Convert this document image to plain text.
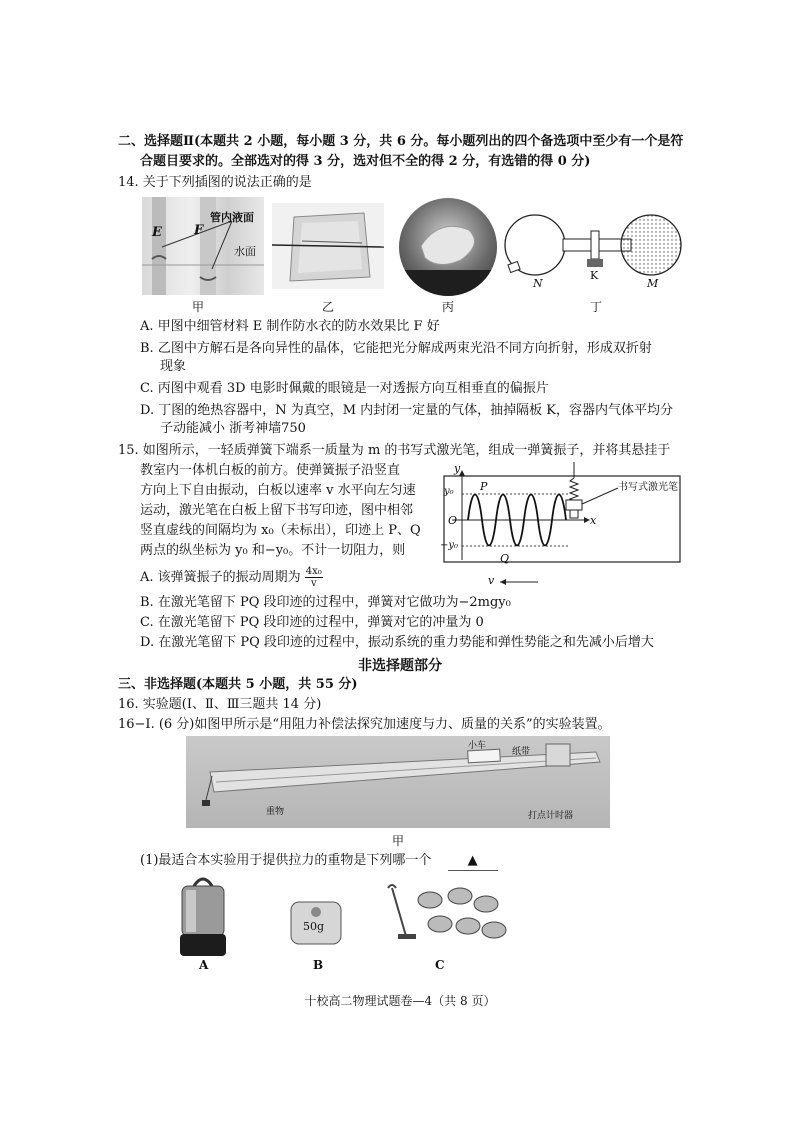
二、选择题Ⅱ(本题共 2 小题，每小题 3 分，共 6 分。每小题列出的四个备选项中至少有一个是符
合题目要求的。全部选对的得 3 分，选对但不全的得 2 分，有选错的得 0 分)
14. 关于下列插图的说法正确的是
E F
管内液面
水面
N
K
M
甲	乙	丙	丁
A. 甲图中细管材料 E 制作防水衣的防水效果比 F 好
B. 乙图中方解石是各向异性的晶体，它能把光分解成两束光沿不同方向折射，形成双折射
现象
C. 丙图中观看 3D 电影时佩戴的眼镜是一对透振方向互相垂直的偏振片
D. 丁图的绝热容器中，N 为真空，M 内封闭一定量的气体，抽掉隔板 K，容器内气体平均分
子动能减小 浙考神墙750
15. 如图所示，一轻质弹簧下端系一质量为 m 的书写式激光笔，组成一弹簧振子，并将其悬挂于
教室内一体机白板的前方。使弹簧振子沿竖直
方向上下自由振动，白板以速率 v 水平向左匀速
运动，激光笔在白板上留下书写印迹，图中相邻
竖直虚线的间隔均为 x₀（未标出），印迹上 P、Q
两点的纵坐标为 y₀ 和−y₀。不计一切阻力，则
A. 该弹簧振子的振动周期为 $\frac{\text{4x₀}}{v}$
y
y₀ P
O
−y₀
Q
x
书写式激光笔
v
B. 在激光笔留下 PQ 段印迹的过程中，弹簧对它做功为−2mgy₀
C. 在激光笔留下 PQ 段印迹的过程中，弹簧对它的冲量为 0
D. 在激光笔留下 PQ 段印迹的过程中，振动系统的重力势能和弹性势能之和先减小后增大
非选择题部分
三、非选择题(本题共 5 小题，共 55 分)
16. 实验题(Ⅰ、Ⅱ、Ⅲ三题共 14 分)
16−Ⅰ. (6 分)如图甲所示是“用阻力补偿法探究加速度与力、质量的关系”的实验装置。
小车
纸带
重物	打点计时器
甲
(1)最适合本实验用于提供拉力的重物是下列哪一个	▲
50g
A	B	C
十校高二物理试题卷—4（共 8 页）
